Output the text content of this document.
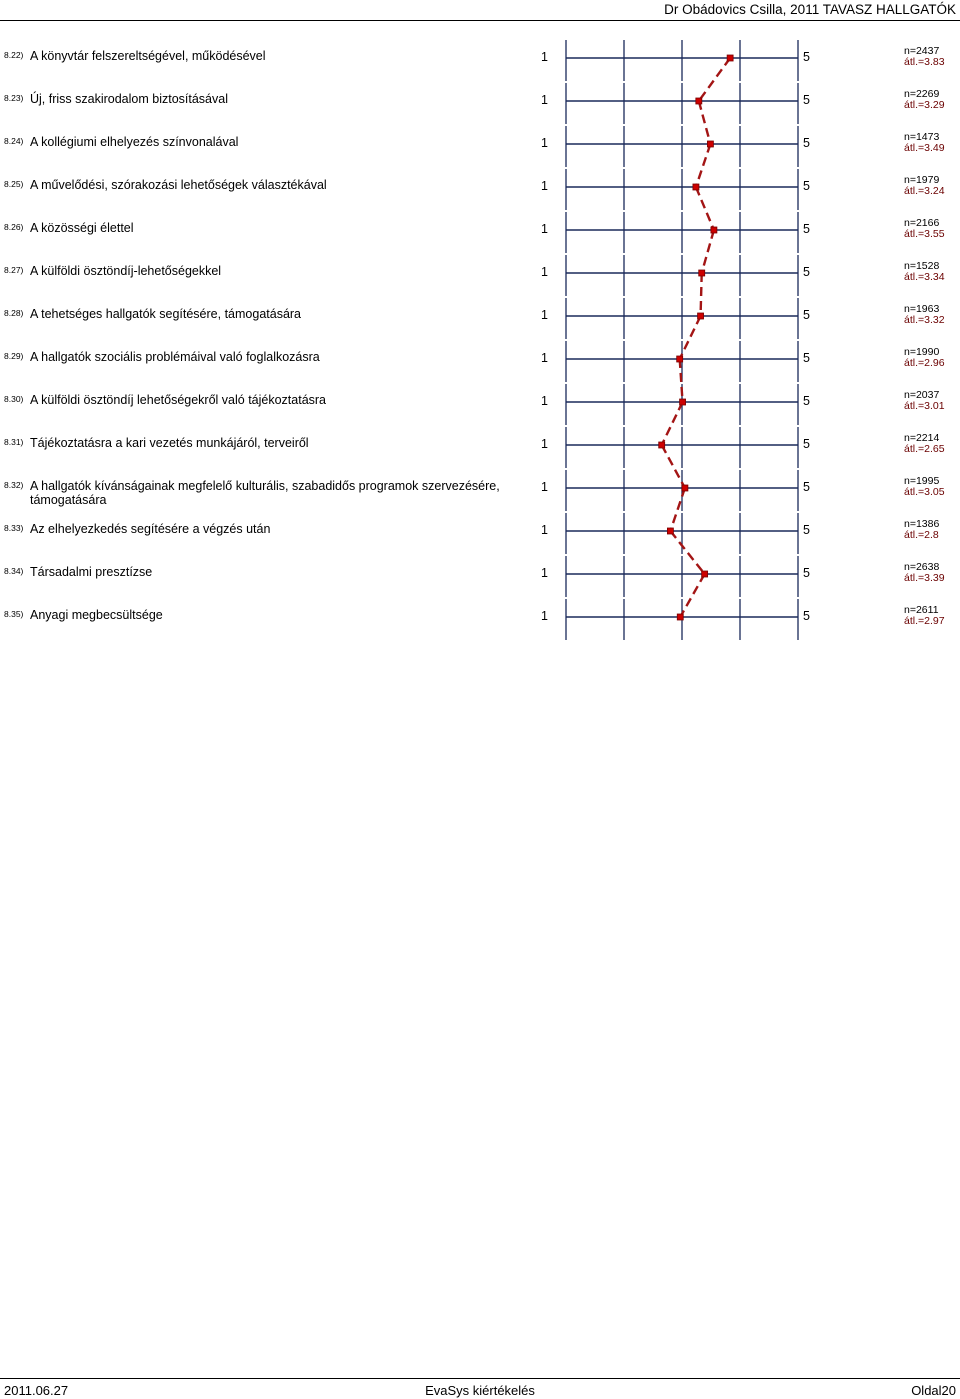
Dr Obádovics Csilla, 2011 TAVASZ HALLGATÓK
8.22) A könyvtár felszereltségével, működésével	1	5	n=2437
átl.=3.83
8.23) Új, friss szakirodalom biztosításával	1	5	n=2269
átl.=3.29
8.24) A kollégiumi elhelyezés színvonalával	1	5	n=1473
átl.=3.49
8.25) A művelődési, szórakozási lehetőségek választékával	1	5	n=1979
átl.=3.24
8.26) A közösségi élettel	1	5	n=2166
átl.=3.55
8.27) A külföldi ösztöndíj-lehetőségekkel	1	5	n=1528
átl.=3.34
8.28) A tehetséges hallgatók segítésére, támogatására	1	5	n=1963
átl.=3.32
8.29) A hallgatók szociális problémáival való foglalkozásra	1	5	n=1990
átl.=2.96
8.30) A külföldi ösztöndíj lehetőségekről való tájékoztatásra	1	5	n=2037
átl.=3.01
8.31) Tájékoztatásra a kari vezetés munkájáról, terveiről	1	5	n=2214
átl.=2.65
8.32) A hallgatók kívánságainak megfelelő kulturális, szabadidős programok szervezésére, támogatására
1	5	n=1995
átl.=3.05
8.33) Az elhelyezkedés segítésére a végzés után	1	5	n=1386
átl.=2.8
8.34) Társadalmi presztízse	1	5	n=2638
átl.=3.39
8.35) Anyagi megbecsültsége	1	5	n=2611
átl.=2.97
2011.06.27	EvaSys kiértékelés	Oldal20
